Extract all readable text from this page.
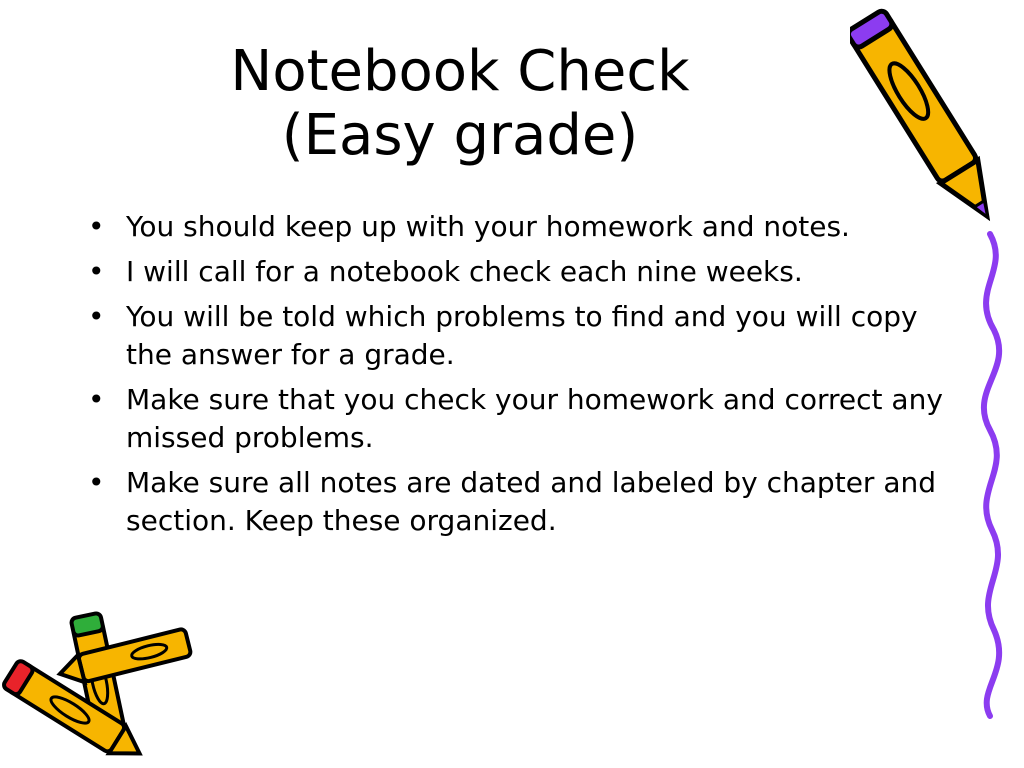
Notebook Check
(Easy grade)
• You should keep up with your homework and notes.
• I will call for a notebook check each nine weeks.
• You will be told which problems to find and you will copy the answer for a grade.
• Make sure that you check your homework and correct any missed problems.
• Make sure all notes are dated and labeled by chapter and section. Keep these organized.
